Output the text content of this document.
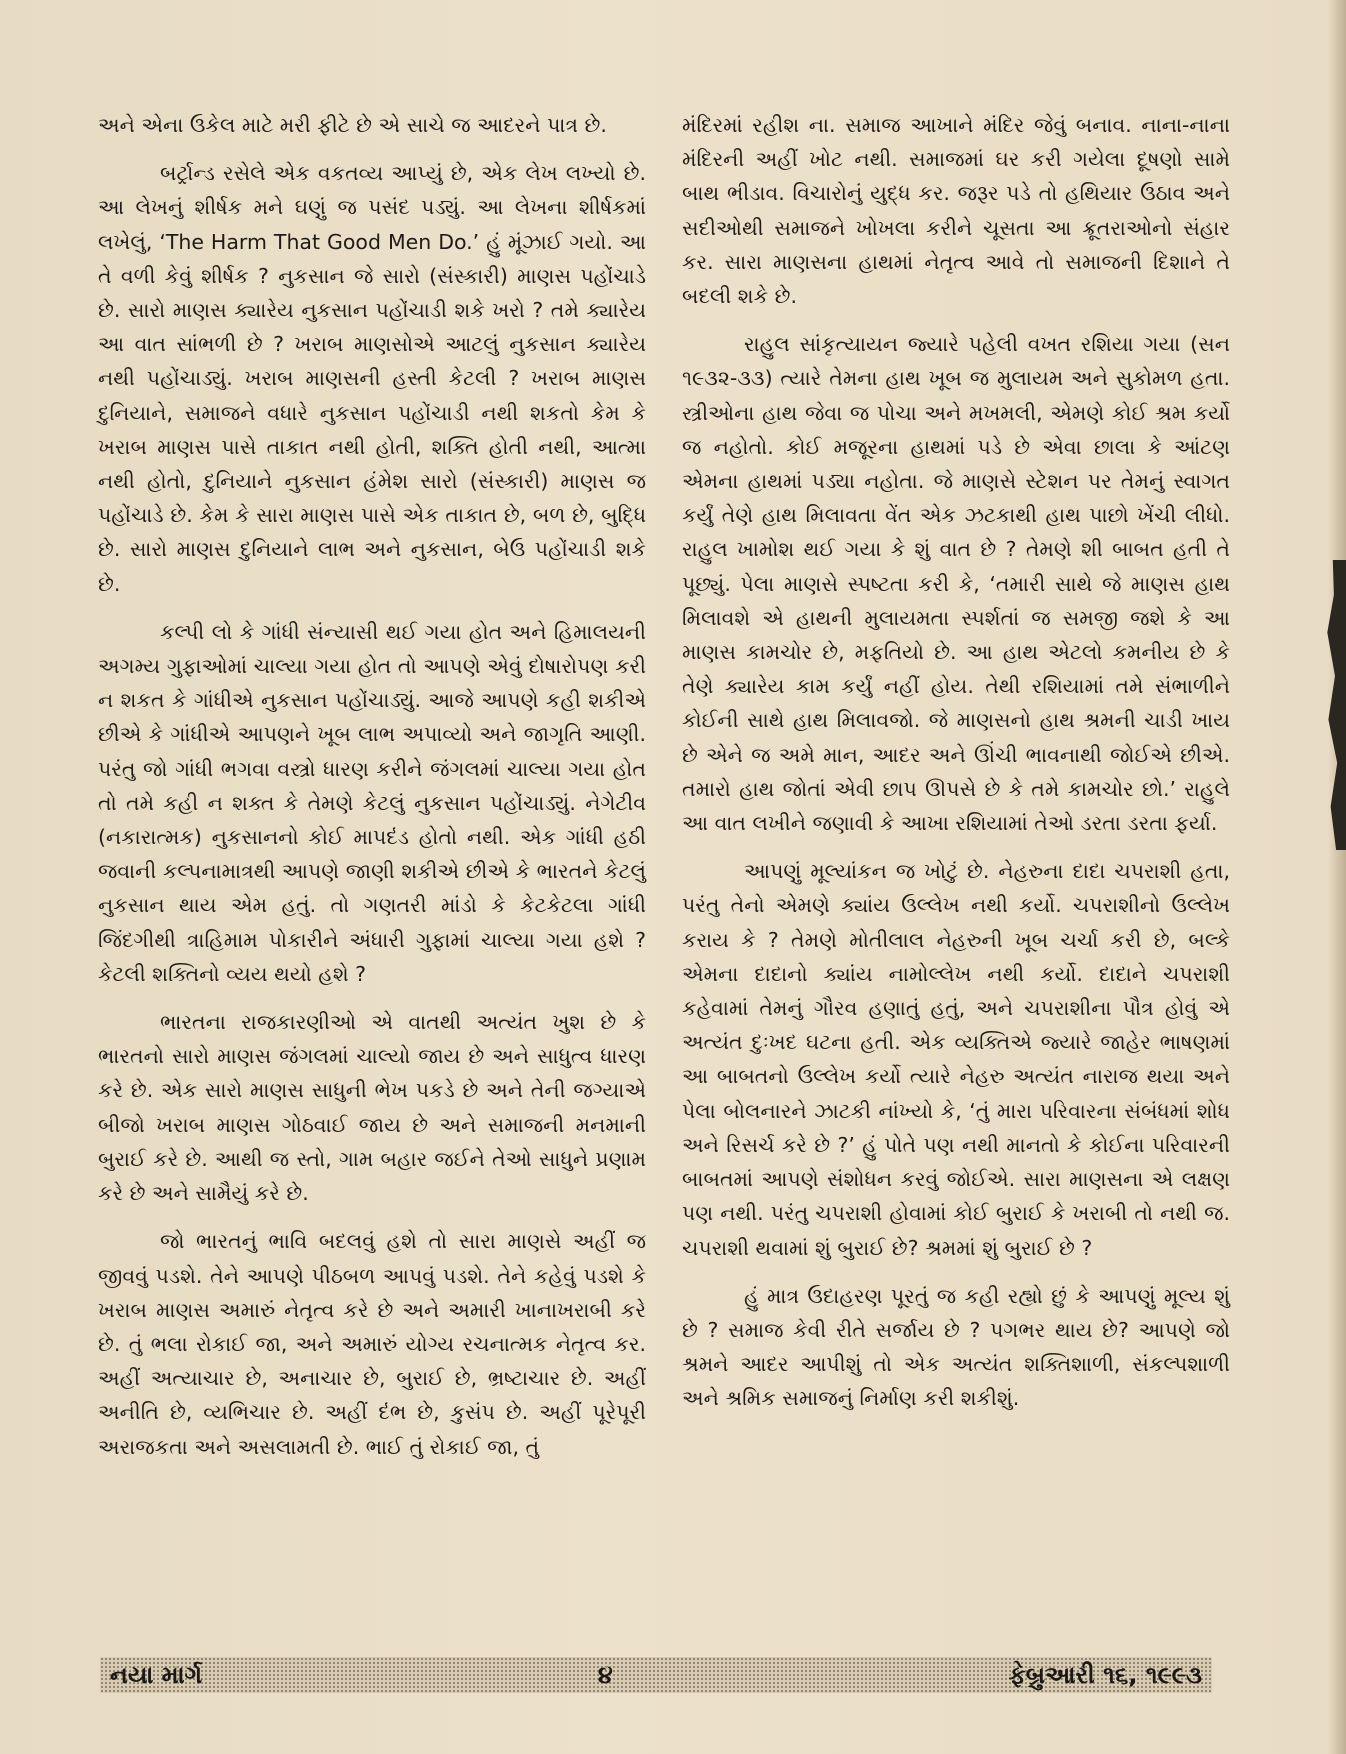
અને એના ઉકેલ માટે મરી ફીટે છે એ સાચે જ આદરને પાત્ર છે.

બર્ટ્રાન્ડ રસેલે એક વકતવ્ય આપ્યું છે, એક લેખ લખ્યો છે. આ લેખનું શીર્ષક મને ઘણું જ પસંદ પડ્યું. આ લેખના શીર્ષકમાં લખેલું, ‘The Harm That Good Men Do.’ હું મૂંઝાઈ ગયો. આ તે વળી કેવું શીર્ષક ? નુકસાન જે સારો (સંસ્કારી) માણસ પહોંચાડે છે. સારો માણસ ક્યારેય નુકસાન પહોંચાડી શકે ખરો ? તમે ક્યારેય આ વાત સાંભળી છે ? ખરાબ માણસોએ આટલું નુકસાન ક્યારેય નથી પહોંચાડ્યું. ખરાબ માણસની હસ્તી કેટલી ? ખરાબ માણસ દુનિયાને, સમાજને વધારે નુકસાન પહોંચાડી નથી શકતો કેમ કે ખરાબ માણસ પાસે તાકાત નથી હોતી, શક્તિ હોતી નથી, આત્મા નથી હોતો, દુનિયાને નુકસાન હંમેશ સારો (સંસ્કારી) માણસ જ પહોંચાડે છે. કેમ કે સારા માણસ પાસે એક તાકાત છે, બળ છે, બુદ્ધિ છે. સારો માણસ દુનિયાને લાભ અને નુકસાન, બેઉ પહોંચાડી શકે છે.

કલ્પી લો કે ગાંધી સંન્યાસી થઈ ગયા હોત અને હિમાલયની અગમ્ય ગુફાઓમાં ચાલ્યા ગયા હોત તો આપણે એવું દોષારોપણ કરી ન શકત કે ગાંધીએ નુકસાન પહોંચાડ્યું. આજે આપણે કહી શકીએ છીએ કે ગાંધીએ આપણને ખૂબ લાભ અપાવ્યો અને જાગૃતિ આણી. પરંતુ જો ગાંધી ભગવા વસ્ત્રો ધારણ કરીને જંગલમાં ચાલ્યા ગયા હોત તો તમે કહી ન શક્ત કે તેમણે કેટલું નુકસાન પહોંચાડ્યું. નેગેટીવ (નકારાત્મક) નુકસાનનો કોઈ માપદંડ હોતો નથી. એક ગાંધી હઠી જવાની કલ્પનામાત્રથી આપણે જાણી શકીએ છીએ કે ભારતને કેટલું નુકસાન થાય એમ હતું. તો ગણતરી માંડો કે કેટકેટલા ગાંધી જિંદગીથી ત્રાહિમામ પોકારીને અંધારી ગુફામાં ચાલ્યા ગયા હશે ? કેટલી શક્તિનો વ્યય થયો હશે ?

ભારતના રાજકારણીઓ એ વાતથી અત્યંત ખુશ છે કે ભારતનો સારો માણસ જંગલમાં ચાલ્યો જાય છે અને સાધુત્વ ધારણ કરે છે. એક સારો માણસ સાધુની ભેખ પકડે છે અને તેની જગ્યાએ બીજો ખરાબ માણસ ગોઠવાઈ જાય છે અને સમાજની મનમાની બુરાઈ કરે છે. આથી જ સ્તો, ગામ બહાર જઈને તેઓ સાધુને પ્રણામ કરે છે અને સામૈયું કરે છે.

જો ભારતનું ભાવિ બદલવું હશે તો સારા માણસે અહીં જ જીવવું પડશે. તેને આપણે પીઠબળ આપવું પડશે. તેને કહેવું પડશે કે ખરાબ માણસ અમારું નેતૃત્વ કરે છે અને અમારી ખાનાખરાબી કરે છે. તું ભલા રોકાઈ જા, અને અમારું યોગ્ય રચનાત્મક નેતૃત્વ કર. અહીં અત્યાચાર છે, અનાચાર છે, બુરાઈ છે, ભ્રષ્ટાચાર છે. અહીં અનીતિ છે, વ્યભિચાર છે. અહીં દંભ છે, કુસંપ છે. અહીં પૂરેપૂરી અરાજકતા અને અસલામતી છે. ભાઈ તું રોકાઈ જા, તું

મંદિરમાં રહીશ ના. સમાજ આખાને મંદિર જેવું બનાવ. નાના-નાના મંદિરની અહીં ખોટ નથી. સમાજમાં ઘર કરી ગયેલા દૂષણો સામે બાથ ભીડાવ. વિચારોનું યુદ્ધ કર. જરૂર પડે તો હથિયાર ઉઠાવ અને સદીઓથી સમાજને ખોખલા કરીને ચૂસતા આ ક્રૂતરાઓનો સંહાર કર. સારા માણસના હાથમાં નેતૃત્વ આવે તો સમાજની દિશાને તે બદલી શકે છે.

રાહુલ સાંકૃત્યાયન જ્યારે પહેલી વખત રશિયા ગયા (સન ૧૯૩૨-૩૩) ત્યારે તેમના હાથ ખૂબ જ મુલાયમ અને સુકોમળ હતા. સ્ત્રીઓના હાથ જેવા જ પોચા અને મખમલી, એમણે કોઈ શ્રમ કર્યો જ નહોતો. કોઈ મજૂરના હાથમાં પડે છે એવા છાલા કે આંટણ એમના હાથમાં પડ્યા નહોતા. જે માણસે સ્ટેશન પર તેમનું સ્વાગત કર્યું તેણે હાથ મિલાવતા વેંત એક ઝટકાથી હાથ પાછો ખેંચી લીધો. રાહુલ ખામોશ થઈ ગયા કે શું વાત છે ? તેમણે શી બાબત હતી તે પૂછ્યું. પેલા માણસે સ્પષ્ટતા કરી કે, ‘તમારી સાથે જે માણસ હાથ મિલાવશે એ હાથની મુલાયમતા સ્પર્શતાં જ સમજી જશે કે આ માણસ કામચોર છે, મફતિયો છે. આ હાથ એટલો કમનીય છે કે તેણે ક્યારેય કામ કર્યું નહીં હોય. તેથી રશિયામાં તમે સંભાળીને કોઈની સાથે હાથ મિલાવજો. જે માણસનો હાથ શ્રમની ચાડી ખાય છે એને જ અમે માન, આદર અને ઊંચી ભાવનાથી જોઈએ છીએ. તમારો હાથ જોતાં એવી છાપ ઊપસે છે કે તમે કામચોર છો.’ રાહુલે આ વાત લખીને જણાવી કે આખા રશિયામાં તેઓ ડરતા ડરતા ફર્યા.

આપણું મૂલ્યાંકન જ ખોટું છે. નેહરુના દાદા ચપરાશી હતા, પરંતુ તેનો એમણે ક્યાંય ઉલ્લેખ નથી કર્યો. ચપરાશીનો ઉલ્લેખ કરાય કે ? તેમણે મોતીલાલ નેહરુની ખૂબ ચર્ચા કરી છે, બલ્કે એમના દાદાનો ક્યાંય નામોલ્લેખ નથી કર્યો. દાદાને ચપરાશી કહેવામાં તેમનું ગૌરવ હણાતું હતું, અને ચપરાશીના પૌત્ર હોવું એ અત્યંત દુઃખદ ઘટના હતી. એક વ્યક્તિએ જ્યારે જાહેર ભાષણમાં આ બાબતનો ઉલ્લેખ કર્યો ત્યારે નેહરુ અત્યંત નારાજ થયા અને પેલા બોલનારને ઝાટકી નાંખ્યો કે, ‘તું મારા પરિવારના સંબંધમાં શોધ અને રિસર્ચ કરે છે ?’ હું પોતે પણ નથી માનતો કે કોઈના પરિવારની બાબતમાં આપણે સંશોધન કરવું જોઈએ. સારા માણસના એ લક્ષણ પણ નથી. પરંતુ ચપરાશી હોવામાં કોઈ બુરાઈ કે ખરાબી તો નથી જ. ચપરાશી થવામાં શું બુરાઈ છે? શ્રમમાં શું બુરાઈ છે ?

હું માત્ર ઉદાહરણ પૂરતું જ કહી રહ્યો છું કે આપણું મૂલ્ય શું છે ? સમાજ કેવી રીતે સર્જાય છે ? પગભર થાય છે? આપણે જો શ્રમને આદર આપીશું તો એક અત્યંત શક્તિશાળી, સંકલ્પશાળી અને શ્રમિક સમાજનું નિર્માણ કરી શકીશું.

નયા માર્ગ	૪	ફેબ્રુઆરી ૧૬, ૧૯૯૩
